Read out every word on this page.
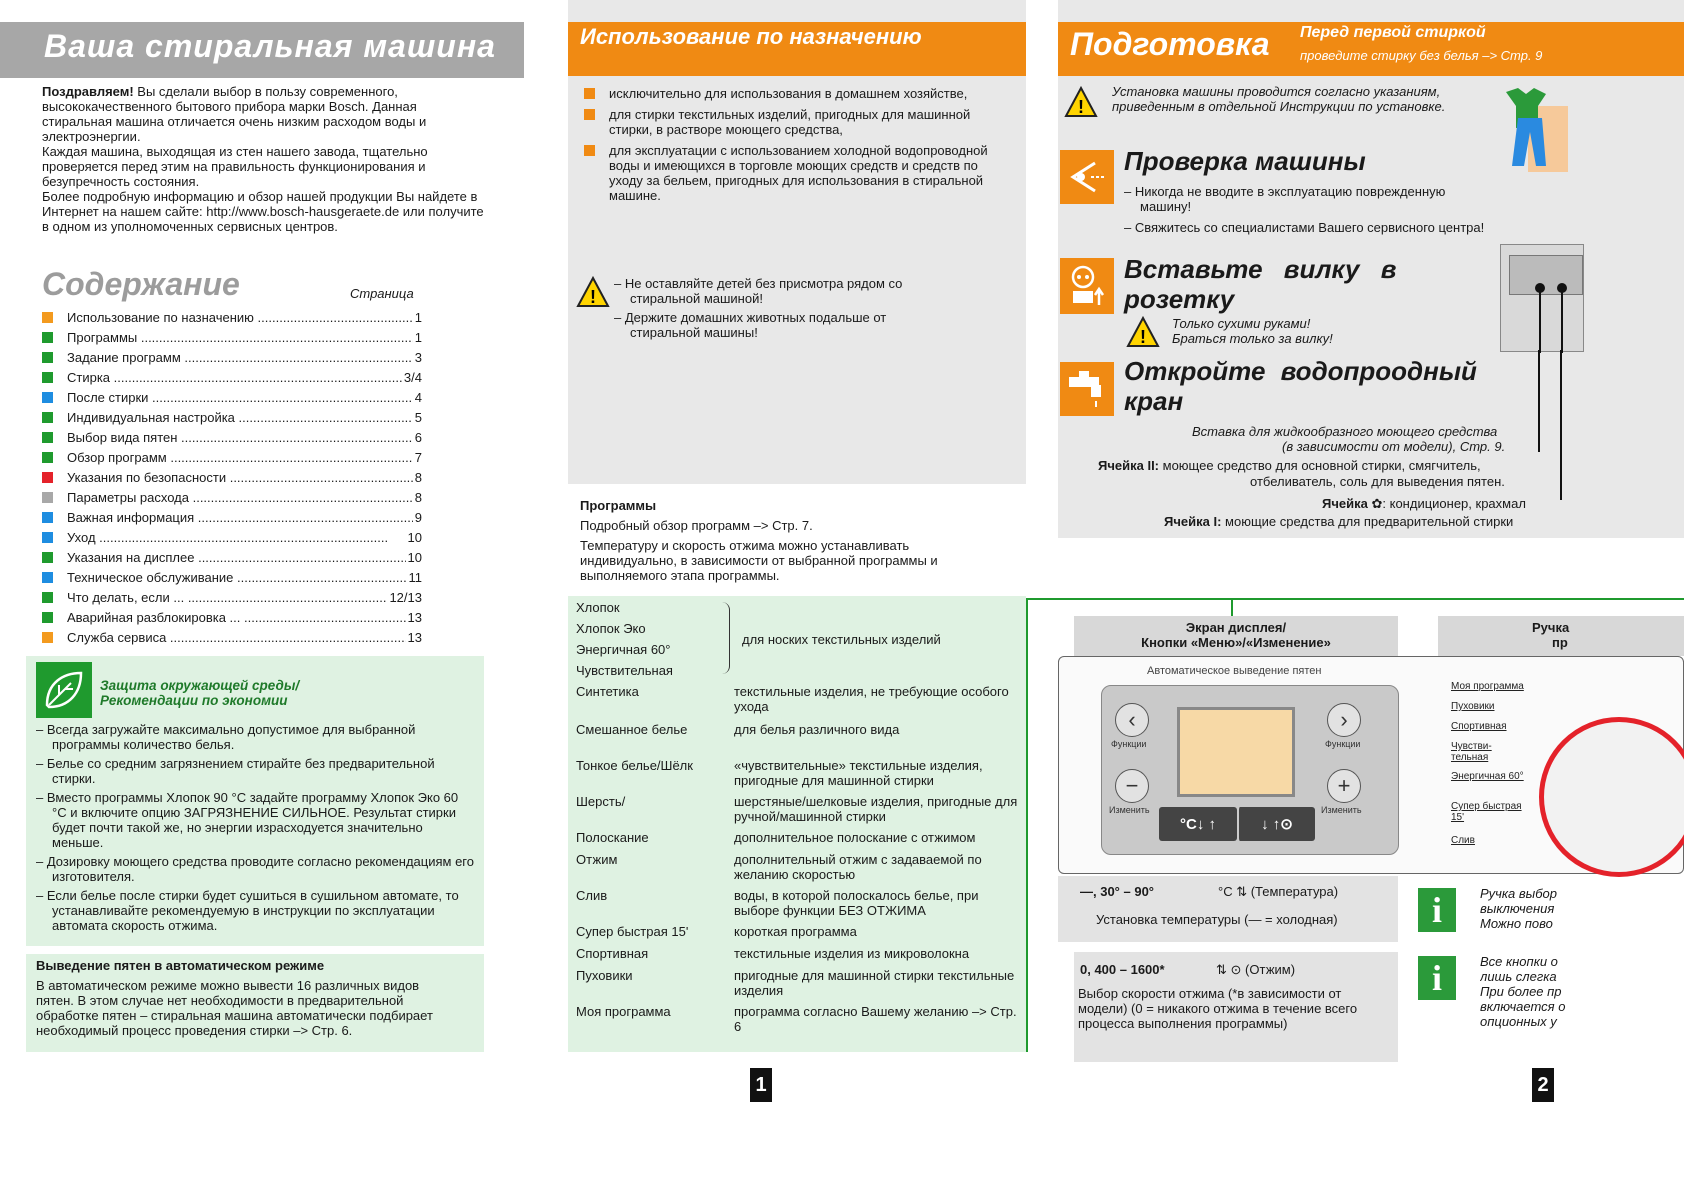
Ваша стиральная машина
Поздравляем! Вы сделали выбор в пользу современного, высококачественного бытового прибора марки Bosch. Данная стиральная машина отличается очень низким расходом воды и электроэнергии.
Каждая машина, выходящая из стен нашего завода, тщательно проверяется перед этим на правильность функционирования и безупречность состояния.
Более подробную информацию и обзор нашей продукции Вы найдете в Интернет на нашем сайте: http://www.bosch-hausgeraete.de или получите в одном из уполномоченных сервисных центров.
Содержание	Страница
Использование по назначению .....	1
Программы .....	1
Задание программ .....	3
Стирка .....	3/4
После стирки .....	4
Индивидуальная настройка .....	5
Выбор вида пятен .....	6
Обзор программ .....	7
Указания по безопасности .....	8
Параметры расхода .....	8
Важная информация .....	9
Уход .....	10
Указания на дисплее .....	10
Техническое обслуживание .....	11
Что делать, если ... .....	12/13
Аварийная разблокировка ... .....	13
Служба сервиса .....	13
Защита окружающей среды/ Рекомендации по экономии
– Всегда загружайте максимально допустимое для выбранной программы количество белья.
– Белье со средним загрязнением стирайте без предварительной стирки.
– Вместо программы Хлопок 90 °С задайте программу Хлопок Эко 60 °C и включите опцию ЗАГРЯЗНЕНИЕ СИЛЬНОЕ. Результат стирки будет почти такой же, но энергии израсходуется значительно меньше.
– Дозировку моющего средства проводите согласно рекомендациям его изготовителя.
– Если белье после стирки будет сушиться в сушильном автомате, то устанавливайте рекомендуемую в инструкции по эксплуатации автомата скорость отжима.
Выведение пятен в автоматическом режиме
В автоматическом режиме можно вывести 16 различных видов пятен. В этом случае нет необходимости в предварительной обработке пятен – стиральная машина автоматически подбирает необходимый процесс проведения стирки –> Стр. 6.
Использование по назначению
исключительно для использования в домашнем хозяйстве,
для стирки текстильных изделий, пригодных для машинной стирки, в растворе моющего средства,
для эксплуатации с использованием холодной водопроводной воды и имеющихся в торговле моющих средств и средств по уходу за бельем, пригодных для использования в стиральной машине.
!
– Не оставляйте детей без присмотра рядом со стиральной машиной!
– Держите домашних животных подальше от стиральной машины!
Программы
Подробный обзор программ –> Стр. 7.
Температуру и скорость отжима можно устанавливать индивидуально, в зависимости от выбранной программы и выполняемого этапа программы.
Хлопок
Хлопок Эко
Энергичная 60°
Чувствительная
для носких текстильных изделий
Синтетика	текстильные изделия, не требующие особого ухода
Смешанное белье	для белья различного вида
Тонкое белье/Шёлк	«чувствительные» текстильные изделия, пригодные для машинной стирки
Шерсть/	шерстяные/шелковые изделия, пригодные для ручной/машинной стирки
Полоскание	дополнительное полоскание с отжимом
Отжим	дополнительный отжим с задаваемой по желанию скоростью
Слив	воды, в которой полоскалось белье, при выборе функции БЕЗ ОТЖИМА
Супер быстрая 15'	короткая программа
Спортивная	текстильные изделия из микроволокна
Пуховики	пригодные для машинной стирки текстильные изделия
Моя программа	программа согласно Вашему желанию –> Стр. 6
1
Подготовка Перед первой стиркой
проведите стирку без белья –> Стр. 9
!
Установка машины проводится согласно указаниям, приведенным в отдельной Инструкции по установке.
Проверка машины
– Никогда не вводите в эксплуатацию поврежденную машину!
– Свяжитесь со специалистами Вашего сервисного центра!
Вставьте вилку в
розетку
!
Только сухими руками!
Браться только за вилку!
Откройте водопроодный
кран
Вставка для жидкообразного моющего средства
(в зависимости от модели), Стр. 9.
Ячейка II: моющее средство для основной стирки, смягчитель,
отбеливатель, соль для выведения пятен.
Ячейка ✿: кондиционер, крахмал
Ячейка I: моющие средства для предварительной стирки
Экран дисплея/
Кнопки «Меню»/«Изменение»
Ручка
пр
Автоматическое выведение пятен
‹
Функции
−
Изменить
›
Функции
+
Изменить
°C↓ ↑	↓ ↑⊙
Моя программа
Пуховики
Спортивная
Чувстви- тельная
Энергичная 60°
Супер быстрая 15'
Слив
—, 30° – 90°	°C ⇅ (Температура)
Установка температуры (— = холодная)
0, 400 – 1600*	⇅ ⊙ (Отжим)
Выбор скорости отжима (*в зависимости от модели) (0 = никакого отжима в течение всего процесса выполнения программы)
i	Ручка выбор выключения Можно пово
i	Все кнопки о лишь слегка При более пр включается о опционных у
2
